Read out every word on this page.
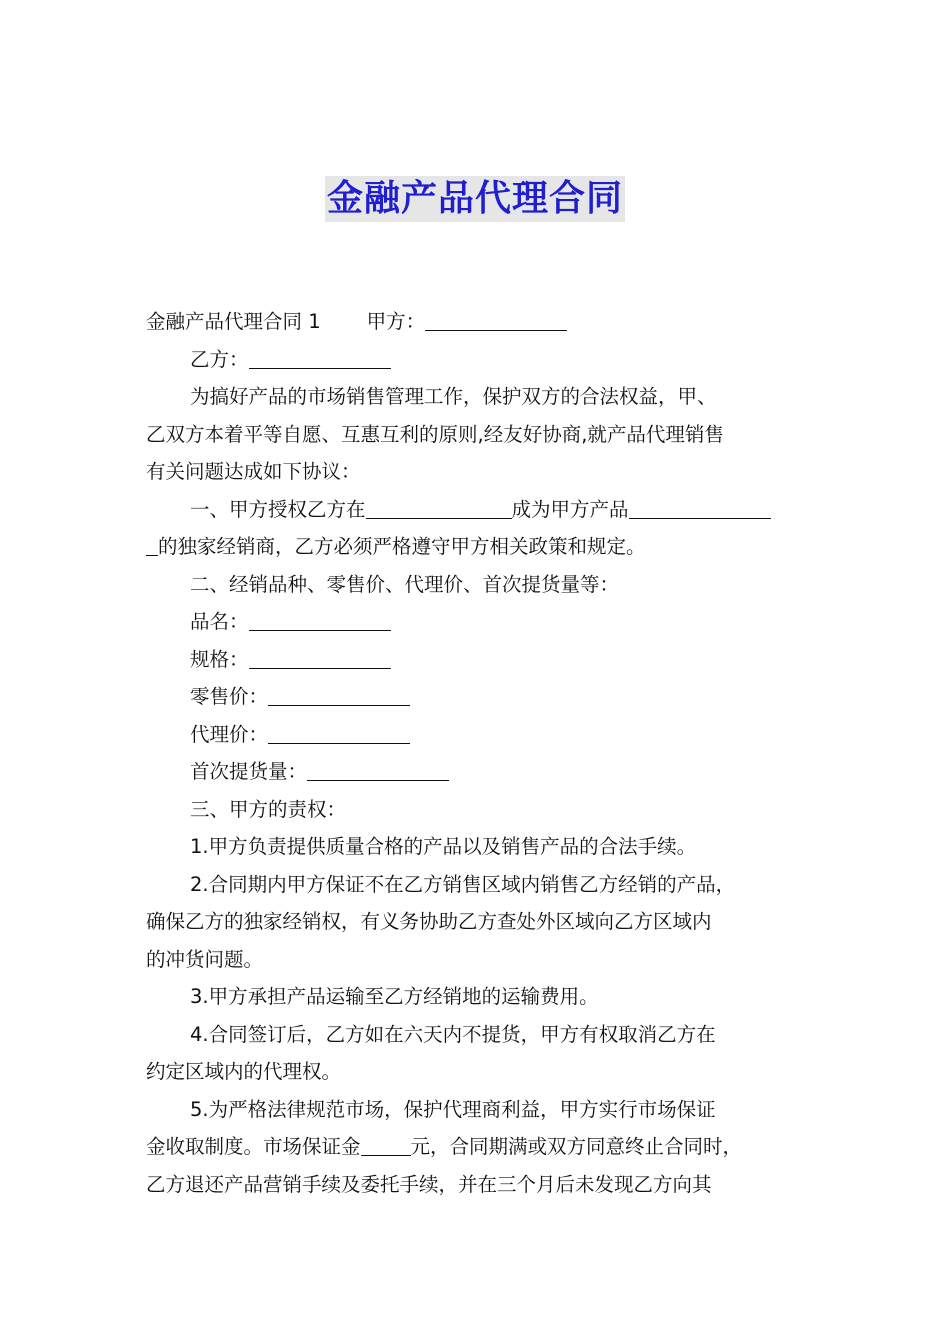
金融产品代理合同

金融产品代理合同 1 甲方：

乙方：

为搞好产品的市场销售管理工作，保护双方的合法权益，甲、

乙双方本着平等自愿、互惠互利的原则,经友好协商,就产品代理销售

有关问题达成如下协议：

一、甲方授权乙方在	成为甲方产品

的独家经销商，乙方必须严格遵守甲方相关政策和规定。

二、经销品种、零售价、代理价、首次提货量等：

品名：

规格：

零售价：

代理价：

首次提货量：

三、甲方的责权：

1.甲方负责提供质量合格的产品以及销售产品的合法手续。

2.合同期内甲方保证不在乙方销售区域内销售乙方经销的产品，

确保乙方的独家经销权，有义务协助乙方查处外区域向乙方区域内

的冲货问题。

3.甲方承担产品运输至乙方经销地的运输费用。

4.合同签订后，乙方如在六天内不提货，甲方有权取消乙方在

约定区域内的代理权。

5.为严格法律规范市场，保护代理商利益，甲方实行市场保证

金收取制度。市场保证金	元，合同期满或双方同意终止合同时，

乙方退还产品营销手续及委托手续，并在三个月后未发现乙方向其
